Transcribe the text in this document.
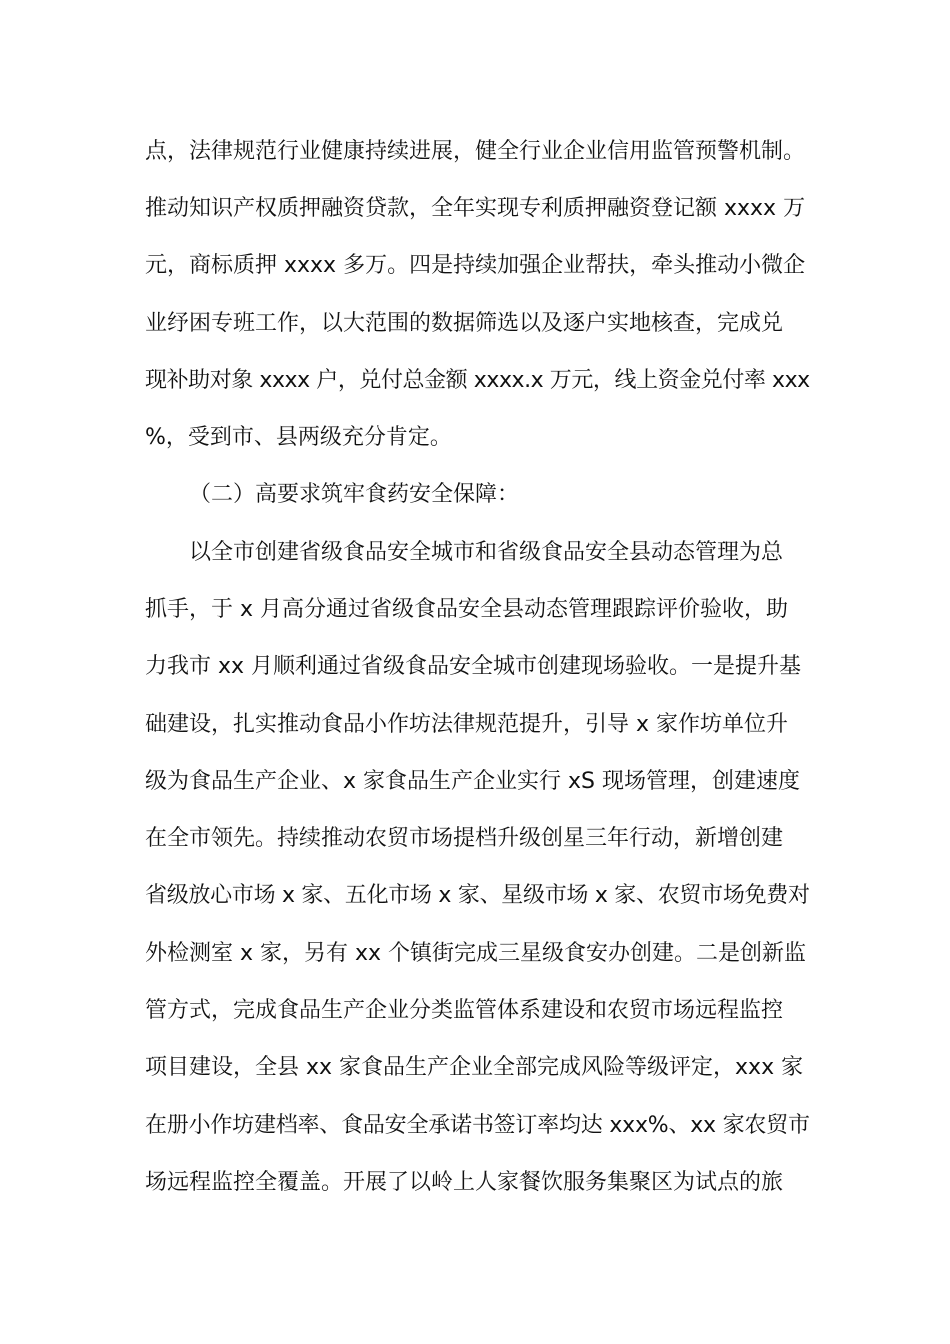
点，法律规范行业健康持续进展，健全行业企业信用监管预警机制。
推动知识产权质押融资贷款，全年实现专利质押融资登记额 xxxx 万
元，商标质押 xxxx 多万。四是持续加强企业帮扶，牵头推动小微企
业纾困专班工作，以大范围的数据筛选以及逐户实地核查，完成兑
现补助对象 xxxx 户，兑付总金额 xxxx.x 万元，线上资金兑付率 xxx
%，受到市、县两级充分肯定。
（二）高要求筑牢食药安全保障：
以全市创建省级食品安全城市和省级食品安全县动态管理为总
抓手，于 x 月高分通过省级食品安全县动态管理跟踪评价验收，助
力我市 xx 月顺利通过省级食品安全城市创建现场验收。一是提升基
础建设，扎实推动食品小作坊法律规范提升，引导 x 家作坊单位升
级为食品生产企业、x 家食品生产企业实行 xS 现场管理，创建速度
在全市领先。持续推动农贸市场提档升级创星三年行动，新增创建
省级放心市场 x 家、五化市场 x 家、星级市场 x 家、农贸市场免费对
外检测室 x 家，另有 xx 个镇街完成三星级食安办创建。二是创新监
管方式，完成食品生产企业分类监管体系建设和农贸市场远程监控
项目建设，全县 xx 家食品生产企业全部完成风险等级评定，xxx 家
在册小作坊建档率、食品安全承诺书签订率均达 xxx%、xx 家农贸市
场远程监控全覆盖。开展了以岭上人家餐饮服务集聚区为试点的旅
